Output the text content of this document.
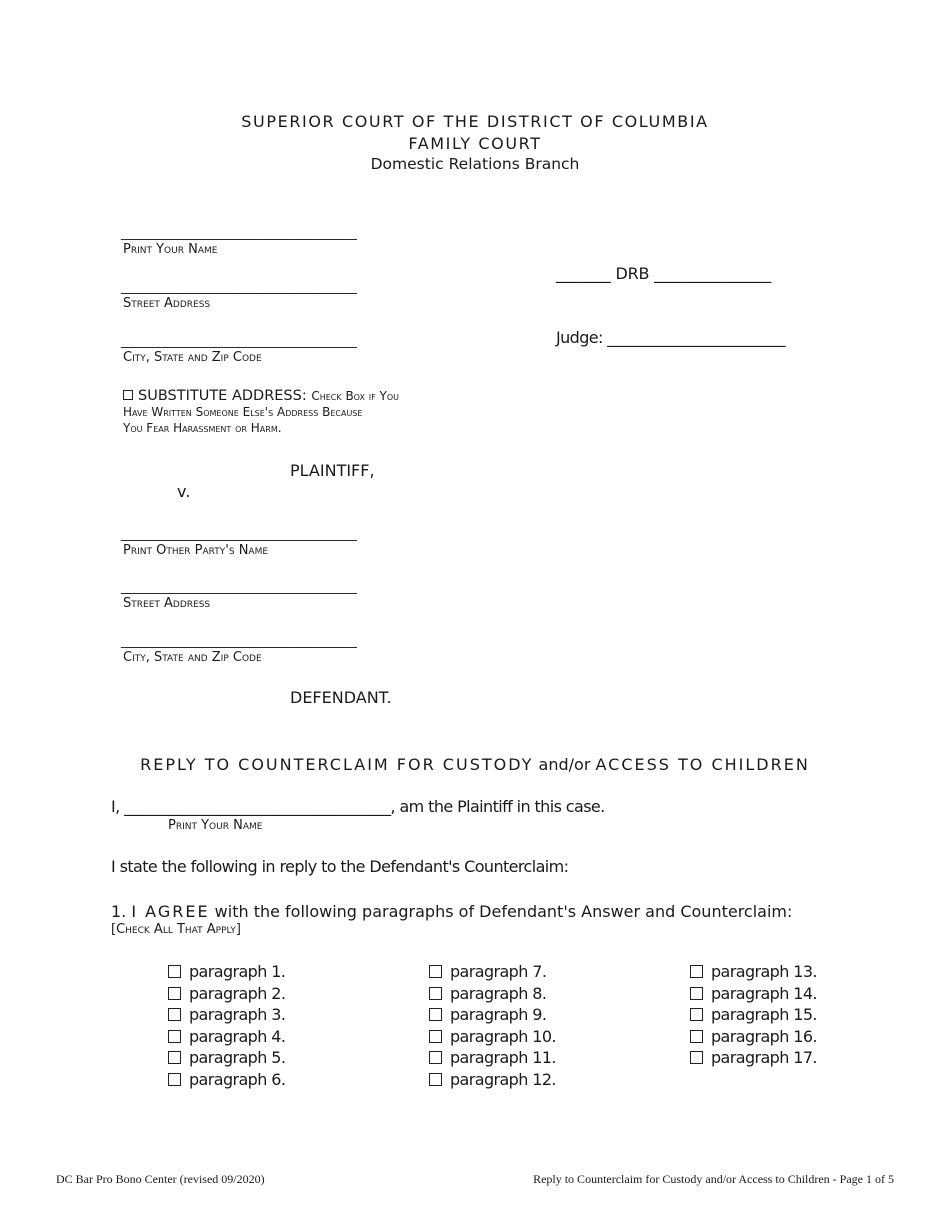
SUPERIOR COURT OF THE DISTRICT OF COLUMBIA
FAMILY COURT
Domestic Relations Branch
______________________________________
Print Your Name
______________________________________
Street Address
______________________________________
City, State and Zip Code
SUBSTITUTE ADDRESS: Check Box if You
Have Written Someone Else's Address Because
You Fear Harassment or Harm.
PLAINTIFF,
v.
______________________________________
Print Other Party's Name
______________________________________
Street Address
______________________________________
City, State and Zip Code
DEFENDANT.
_______ DRB _______________
Judge: ________________________
REPLY TO COUNTERCLAIM FOR CUSTODY and/or ACCESS TO CHILDREN
I, ____________________________________, am the Plaintiff in this case.
Print Your Name
I state the following in reply to the Defendant's Counterclaim:
1. I AGREE with the following paragraphs of Defendant's Answer and Counterclaim:
[Check All That Apply]
paragraph 1.
paragraph 2.
paragraph 3.
paragraph 4.
paragraph 5.
paragraph 6.
paragraph 7.
paragraph 8.
paragraph 9.
paragraph 10.
paragraph 11.
paragraph 12.
paragraph 13.
paragraph 14.
paragraph 15.
paragraph 16.
paragraph 17.
DC Bar Pro Bono Center (revised 09/2020)	Reply to Counterclaim for Custody and/or Access to Children - Page 1 of 5
